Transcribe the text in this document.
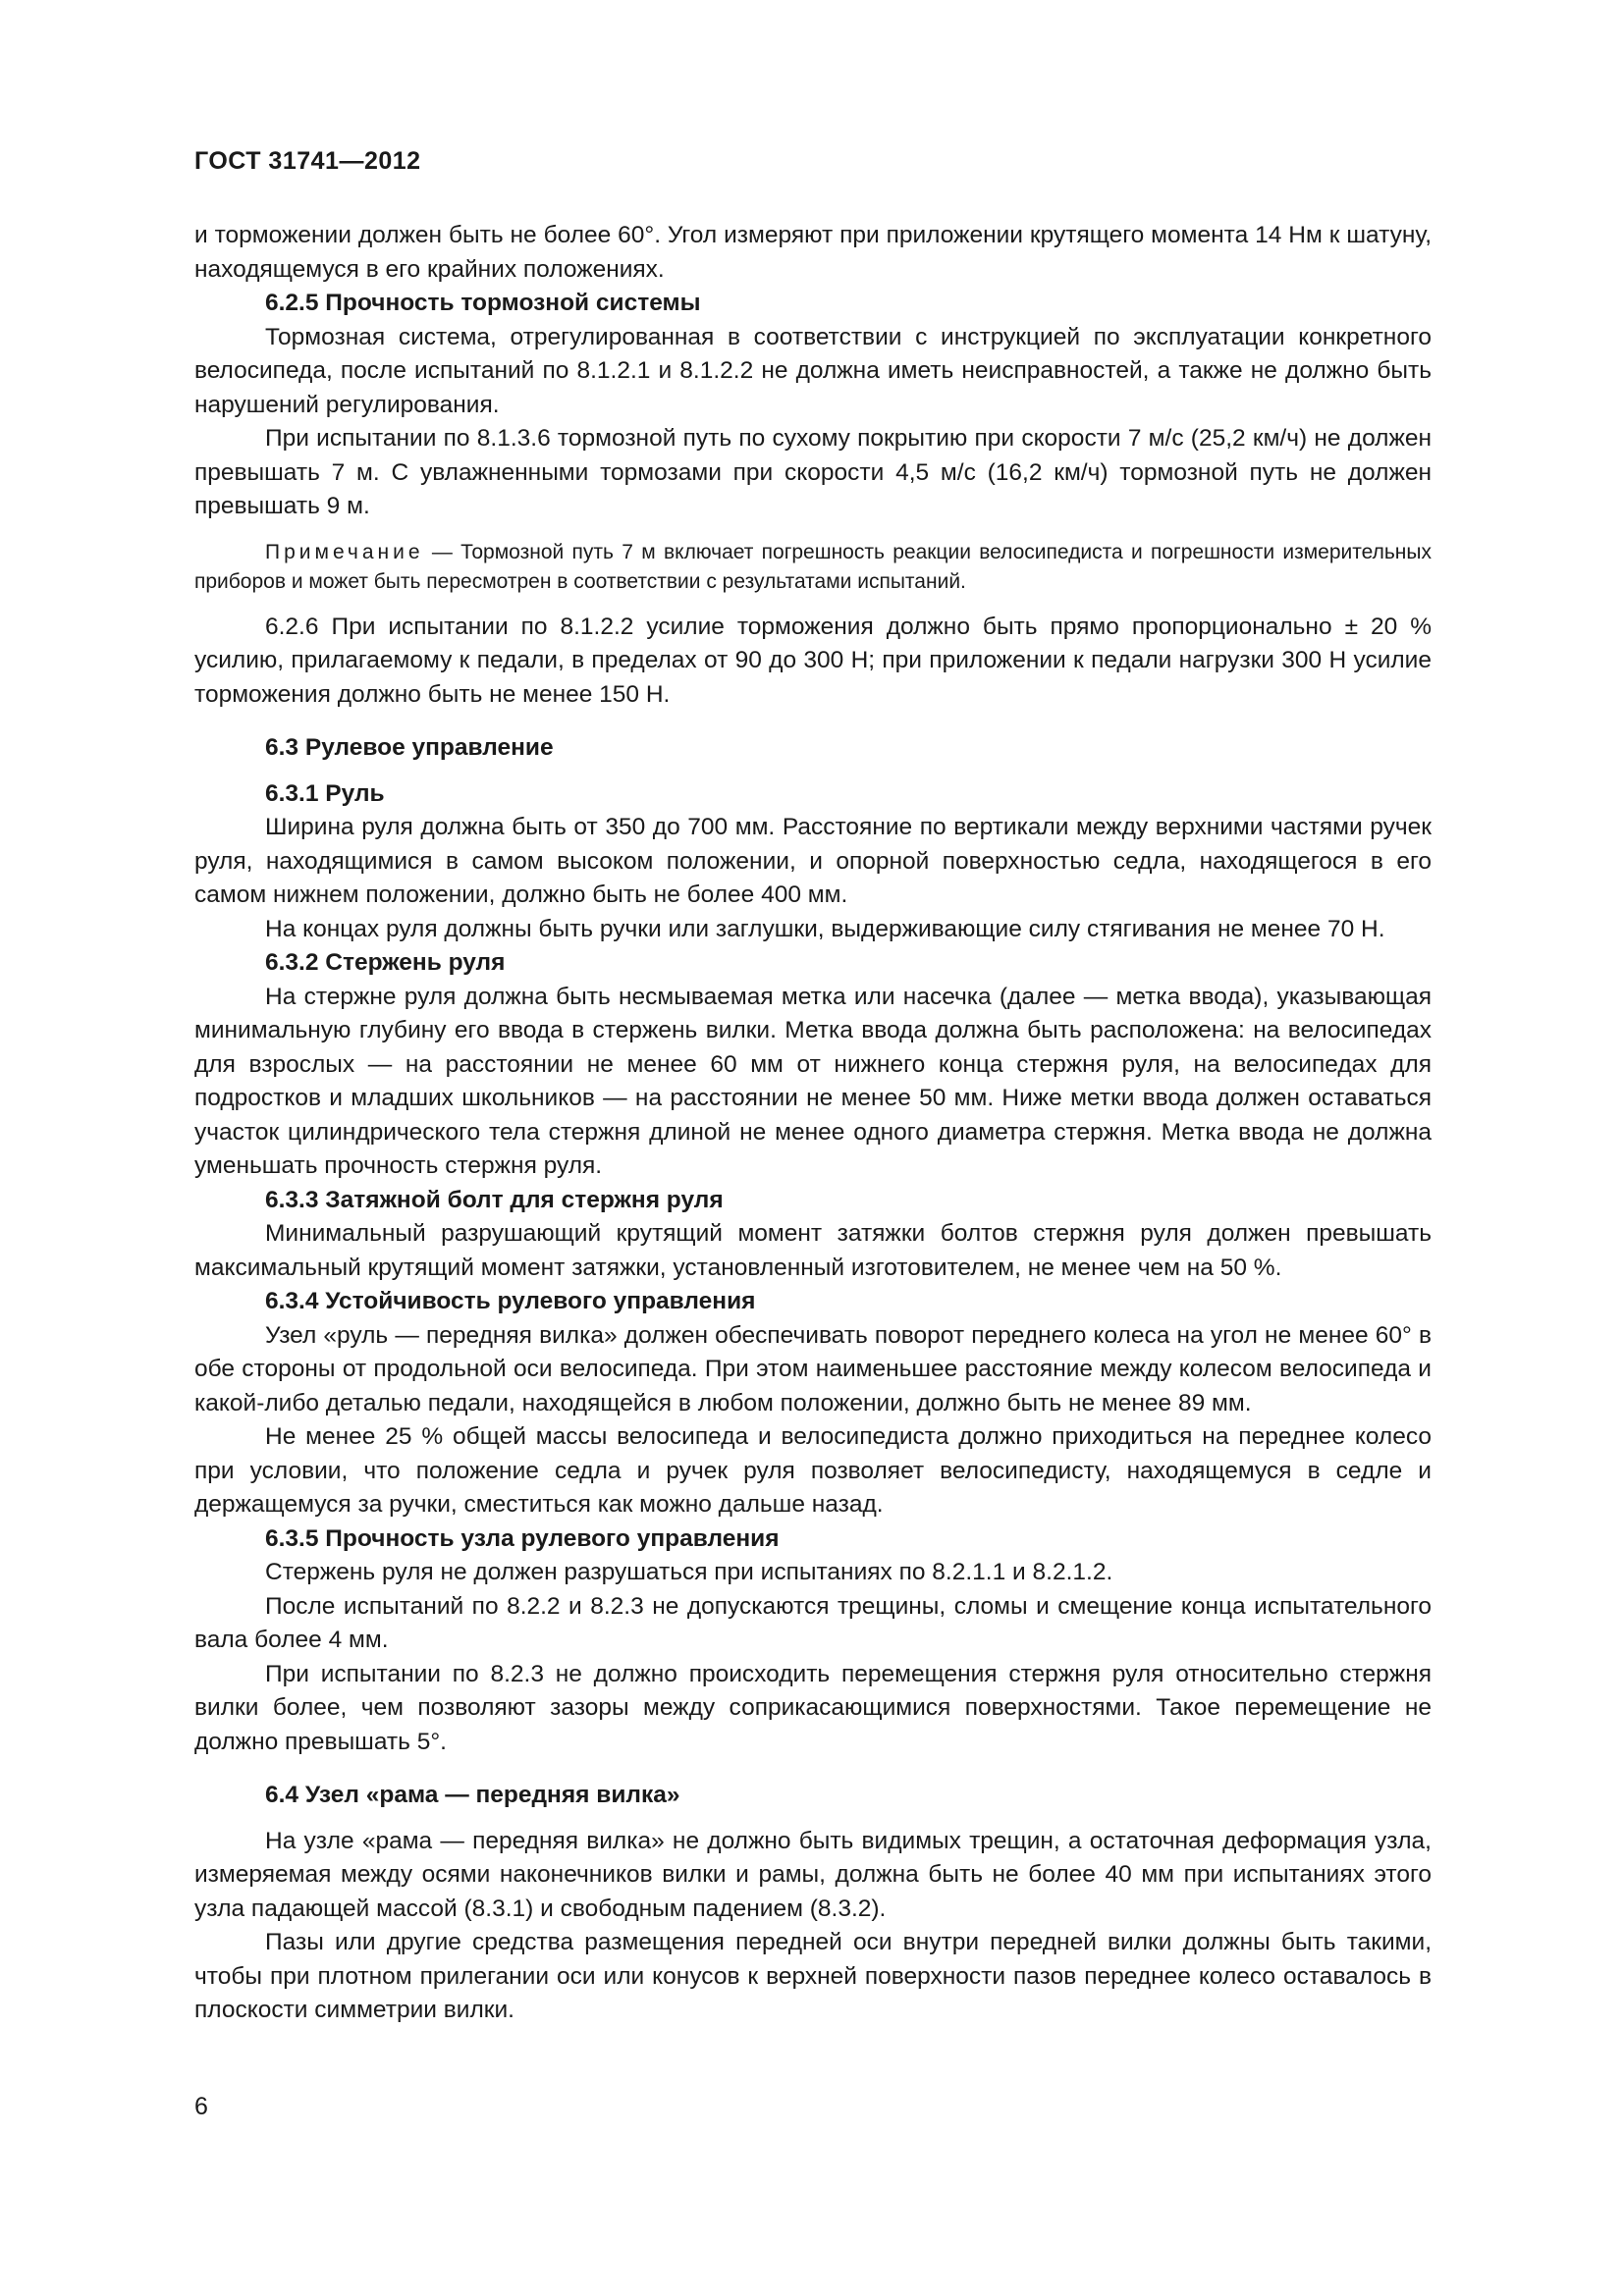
ГОСТ 31741—2012

и торможении должен быть не более 60°. Угол измеряют при приложении крутящего момента 14 Нм к шатуну, находящемуся в его крайних положениях.

6.2.5 Прочность тормозной системы

Тормозная система, отрегулированная в соответствии с инструкцией по эксплуатации конкретного велосипеда, после испытаний по 8.1.2.1 и 8.1.2.2 не должна иметь неисправностей, а также не должно быть нарушений регулирования.

При испытании по 8.1.3.6 тормозной путь по сухому покрытию при скорости 7 м/с (25,2 км/ч) не должен превышать 7 м. С увлажненными тормозами при скорости 4,5 м/с (16,2 км/ч) тормозной путь не должен превышать 9 м.

Примечание — Тормозной путь 7 м включает погрешность реакции велосипедиста и погрешности измерительных приборов и может быть пересмотрен в соответствии с результатами испытаний.

6.2.6 При испытании по 8.1.2.2 усилие торможения должно быть прямо пропорционально ± 20 % усилию, прилагаемому к педали, в пределах от 90 до 300 Н; при приложении к педали нагрузки 300 Н усилие торможения должно быть не менее 150 Н.

6.3 Рулевое управление

6.3.1 Руль

Ширина руля должна быть от 350 до 700 мм. Расстояние по вертикали между верхними частями ручек руля, находящимися в самом высоком положении, и опорной поверхностью седла, находящегося в его самом нижнем положении, должно быть не более 400 мм.

На концах руля должны быть ручки или заглушки, выдерживающие силу стягивания не менее 70 Н.

6.3.2 Стержень руля

На стержне руля должна быть несмываемая метка или насечка (далее — метка ввода), указывающая минимальную глубину его ввода в стержень вилки. Метка ввода должна быть расположена: на велосипедах для взрослых — на расстоянии не менее 60 мм от нижнего конца стержня руля, на велосипедах для подростков и младших школьников — на расстоянии не менее 50 мм. Ниже метки ввода должен оставаться участок цилиндрического тела стержня длиной не менее одного диаметра стержня. Метка ввода не должна уменьшать прочность стержня руля.

6.3.3 Затяжной болт для стержня руля

Минимальный разрушающий крутящий момент затяжки болтов стержня руля должен превышать максимальный крутящий момент затяжки, установленный изготовителем, не менее чем на 50 %.

6.3.4 Устойчивость рулевого управления

Узел «руль — передняя вилка» должен обеспечивать поворот переднего колеса на угол не менее 60° в обе стороны от продольной оси велосипеда. При этом наименьшее расстояние между колесом велосипеда и какой-либо деталью педали, находящейся в любом положении, должно быть не менее 89 мм.

Не менее 25 % общей массы велосипеда и велосипедиста должно приходиться на переднее колесо при условии, что положение седла и ручек руля позволяет велосипедисту, находящемуся в седле и держащемуся за ручки, сместиться как можно дальше назад.

6.3.5 Прочность узла рулевого управления

Стержень руля не должен разрушаться при испытаниях по 8.2.1.1 и 8.2.1.2.

После испытаний по 8.2.2 и 8.2.3 не допускаются трещины, сломы и смещение конца испытательного вала более 4 мм.

При испытании по 8.2.3 не должно происходить перемещения стержня руля относительно стержня вилки более, чем позволяют зазоры между соприкасающимися поверхностями. Такое перемещение не должно превышать 5°.

6.4 Узел «рама — передняя вилка»

На узле «рама — передняя вилка» не должно быть видимых трещин, а остаточная деформация узла, измеряемая между осями наконечников вилки и рамы, должна быть не более 40 мм при испытаниях этого узла падающей массой (8.3.1) и свободным падением (8.3.2).

Пазы или другие средства размещения передней оси внутри передней вилки должны быть такими, чтобы при плотном прилегании оси или конусов к верхней поверхности пазов переднее колесо оставалось в плоскости симметрии вилки.

6
